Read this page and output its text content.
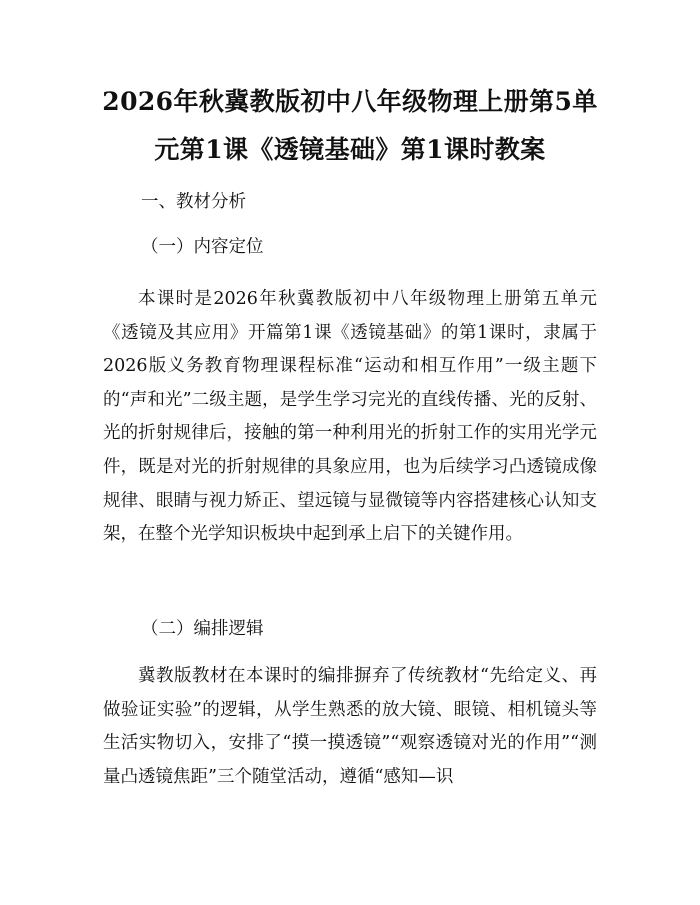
2026年秋冀教版初中八年级物理上册第5单元第1课《透镜基础》第1课时教案
一、教材分析
（一）内容定位
本课时是2026年秋冀教版初中八年级物理上册第五单元《透镜及其应用》开篇第1课《透镜基础》的第1课时，隶属于2026版义务教育物理课程标准“运动和相互作用”一级主题下的“声和光”二级主题，是学生学习完光的直线传播、光的反射、光的折射规律后，接触的第一种利用光的折射工作的实用光学元件，既是对光的折射规律的具象应用，也为后续学习凸透镜成像规律、眼睛与视力矫正、望远镜与显微镜等内容搭建核心认知支架，在整个光学知识板块中起到承上启下的关键作用。
（二）编排逻辑
冀教版教材在本课时的编排摒弃了传统教材“先给定义、再做验证实验”的逻辑，从学生熟悉的放大镜、眼镜、相机镜头等生活实物切入，安排了“摸一摸透镜”“观察透镜对光的作用”“测量凸透镜焦距”三个随堂活动，遵循“感知—识
